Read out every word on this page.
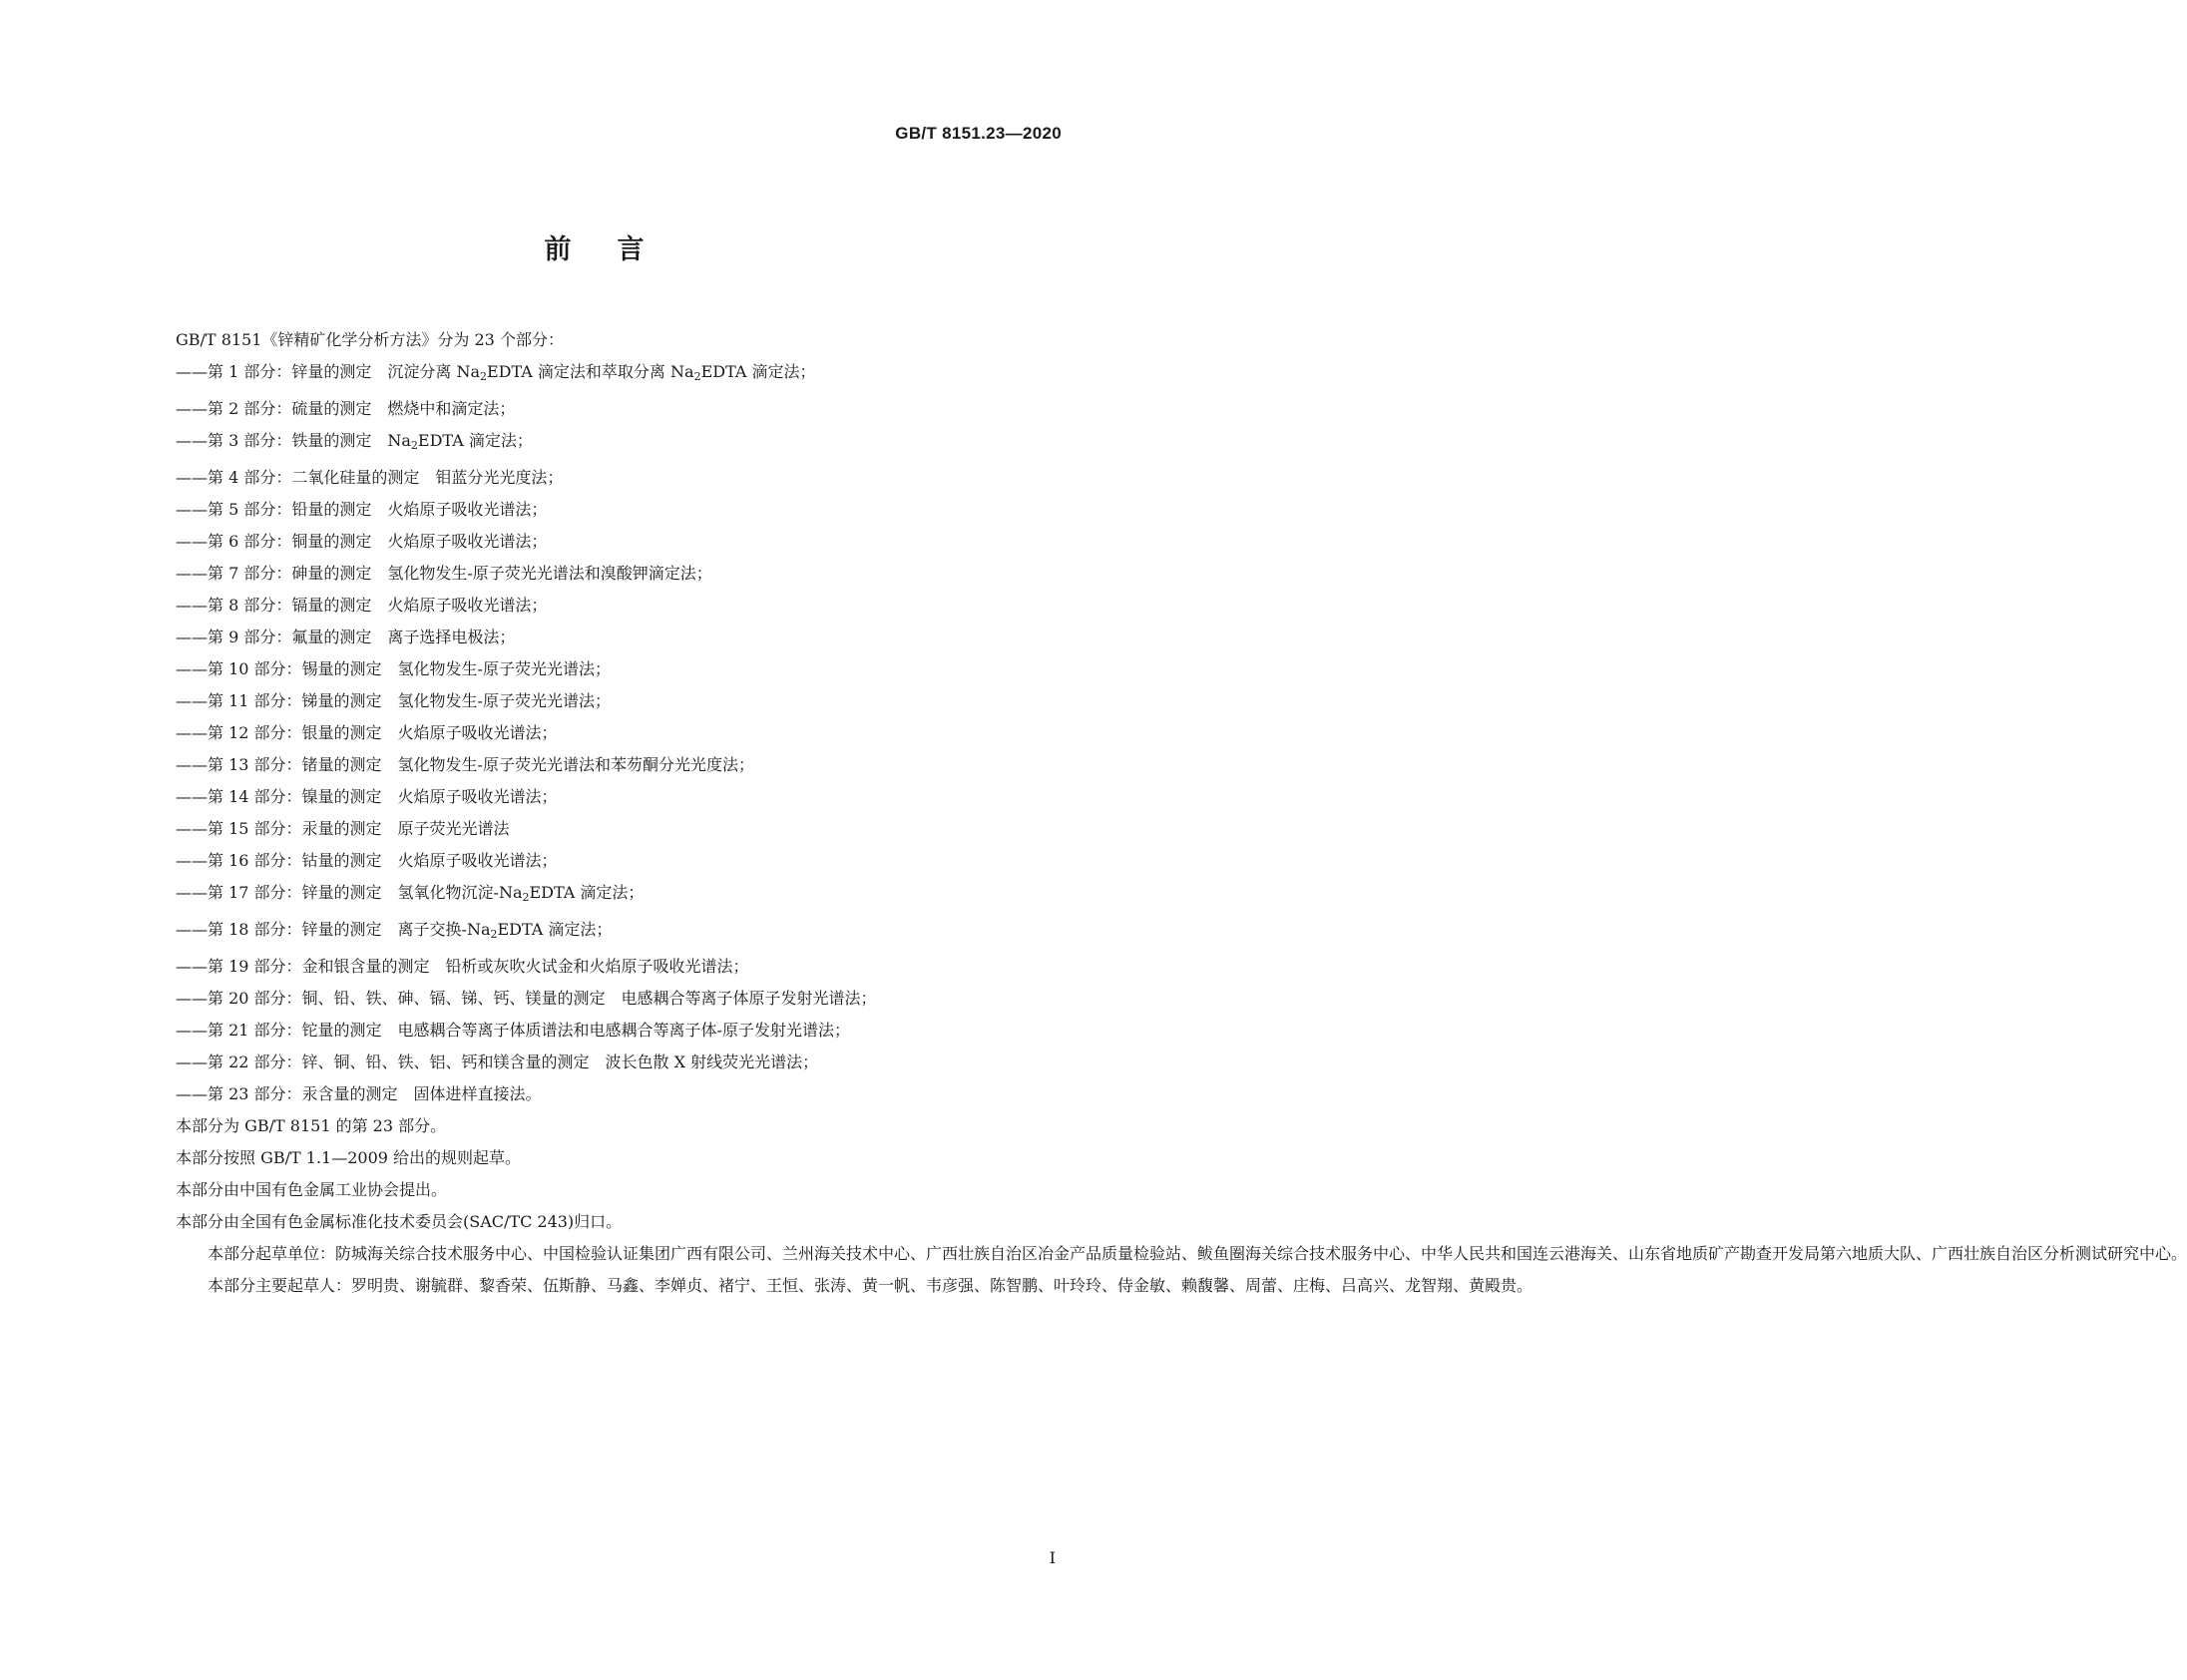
GB/T 8151.23—2020
前言

GB/T 8151《锌精矿化学分析方法》分为 23 个部分：

——第 1 部分：锌量的测定　沉淀分离 $Na_2EDTA$ 滴定法和萃取分离 $Na_2EDTA$ 滴定法；

——第 2 部分：硫量的测定　燃烧中和滴定法；

——第 3 部分：铁量的测定　$Na_2EDTA$ 滴定法；

——第 4 部分：二氧化硅量的测定　钼蓝分光光度法；

——第 5 部分：铅量的测定　火焰原子吸收光谱法；

——第 6 部分：铜量的测定　火焰原子吸收光谱法；

——第 7 部分：砷量的测定　氢化物发生-原子荧光光谱法和溴酸钾滴定法；

——第 8 部分：镉量的测定　火焰原子吸收光谱法；

——第 9 部分：氟量的测定　离子选择电极法；

——第 10 部分：锡量的测定　氢化物发生-原子荧光光谱法；

——第 11 部分：锑量的测定　氢化物发生-原子荧光光谱法；

——第 12 部分：银量的测定　火焰原子吸收光谱法；

——第 13 部分：锗量的测定　氢化物发生-原子荧光光谱法和苯芴酮分光光度法；

——第 14 部分：镍量的测定　火焰原子吸收光谱法；

——第 15 部分：汞量的测定　原子荧光光谱法

——第 16 部分：钴量的测定　火焰原子吸收光谱法；

——第 17 部分：锌量的测定　氢氧化物沉淀$-Na_2EDTA$ 滴定法；

——第 18 部分：锌量的测定　离子交换$-Na_2EDTA$ 滴定法；

——第 19 部分：金和银含量的测定　铅析或灰吹火试金和火焰原子吸收光谱法；

——第 20 部分：铜、铅、铁、砷、镉、锑、钙、镁量的测定　电感耦合等离子体原子发射光谱法；

——第 21 部分：铊量的测定　电感耦合等离子体质谱法和电感耦合等离子体-原子发射光谱法；

——第 22 部分：锌、铜、铅、铁、铝、钙和镁含量的测定　波长色散 X 射线荧光光谱法；

——第 23 部分：汞含量的测定　固体进样直接法。

本部分为 GB/T 8151 的第 23 部分。

本部分按照 GB/T 1.1—2009 给出的规则起草。

本部分由中国有色金属工业协会提出。

本部分由全国有色金属标准化技术委员会(SAC/TC 243)归口。

本部分起草单位：防城海关综合技术服务中心、中国检验认证集团广西有限公司、兰州海关技术中心、广西壮族自治区冶金产品质量检验站、鲅鱼圈海关综合技术服务中心、中华人民共和国连云港海关、山东省地质矿产勘查开发局第六地质大队、广西壮族自治区分析测试研究中心。

本部分主要起草人：罗明贵、谢毓群、黎香荣、伍斯静、马鑫、李婵贞、褚宁、王恒、张涛、黄一帆、韦彦强、陈智鹏、叶玲玲、侍金敏、赖馥馨、周蕾、庄梅、吕高兴、龙智翔、黄殿贵。

I
